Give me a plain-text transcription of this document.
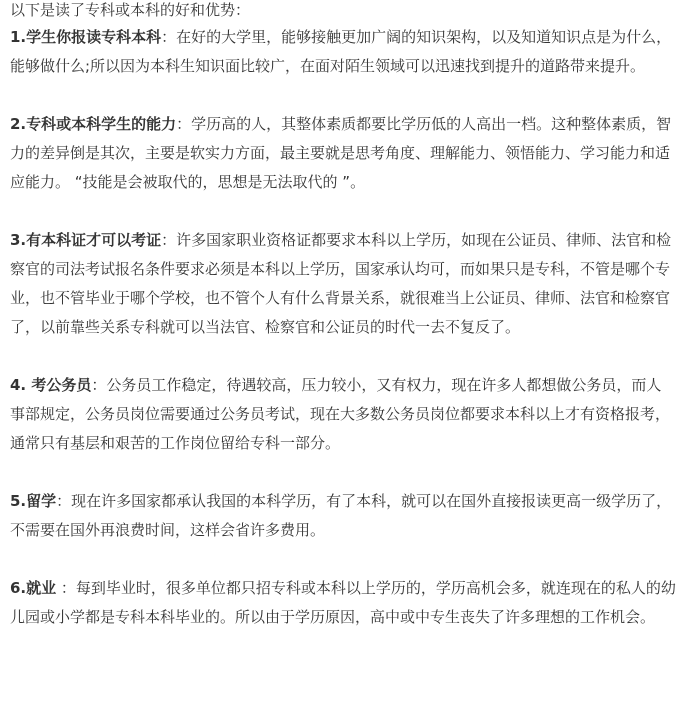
以下是读了专科或本科的好和优势：

1.学生你报读专科本科：在好的大学里，能够接触更加广阔的知识架构，以及知道知识点是为什么，能够做什么;所以因为本科生知识面比较广，在面对陌生领域可以迅速找到提升的道路带来提升。

2.专科或本科学生的能力：学历高的人，其整体素质都要比学历低的人高出一档。这种整体素质，智力的差异倒是其次，主要是软实力方面，最主要就是思考角度、理解能力、领悟能力、学习能力和适应能力。 “技能是会被取代的，思想是无法取代的 ”。

3.有本科证才可以考证：许多国家职业资格证都要求本科以上学历，如现在公证员、律师、法官和检察官的司法考试报名条件要求必须是本科以上学历，国家承认均可，而如果只是专科，不管是哪个专业，也不管毕业于哪个学校，也不管个人有什么背景关系，就很难当上公证员、律师、法官和检察官了，以前靠些关系专科就可以当法官、检察官和公证员的时代一去不复反了。

4. 考公务员：公务员工作稳定，待遇较高，压力较小，又有权力，现在许多人都想做公务员，而人事部规定，公务员岗位需要通过公务员考试，现在大多数公务员岗位都要求本科以上才有资格报考，通常只有基层和艰苦的工作岗位留给专科一部分。

5.留学：现在许多国家都承认我国的本科学历，有了本科，就可以在国外直接报读更高一级学历了，不需要在国外再浪费时间，这样会省许多费用。

6.就业 ：每到毕业时，很多单位都只招专科或本科以上学历的，学历高机会多，就连现在的私人的幼儿园或小学都是专科本科毕业的。所以由于学历原因，高中或中专生丧失了许多理想的工作机会。
